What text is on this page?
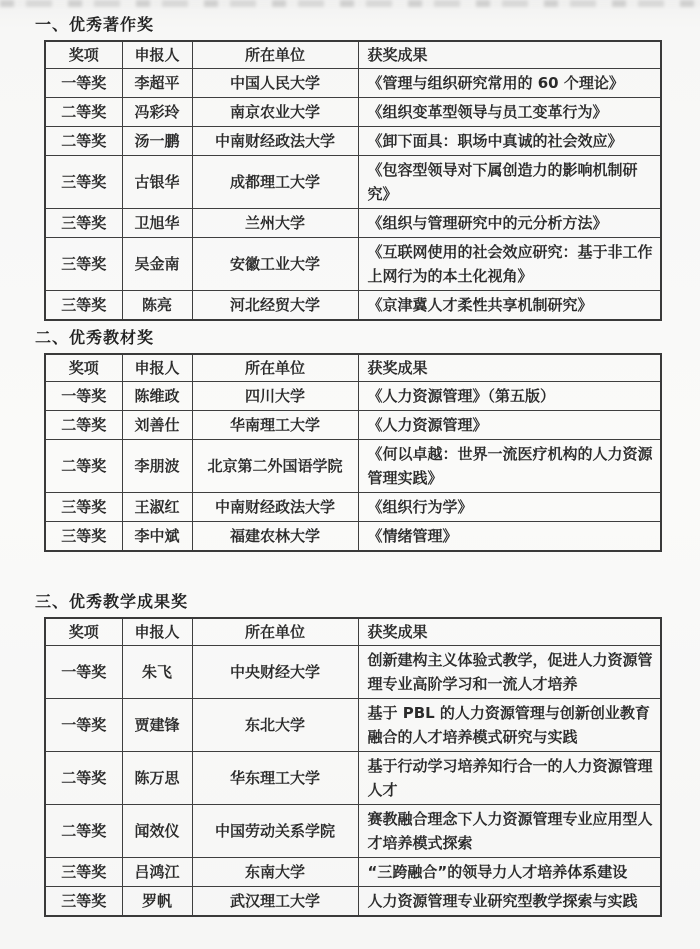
一、优秀著作奖
奖项	申报人	所在单位	获奖成果
一等奖	李超平	中国人民大学	《管理与组织研究常用的 60 个理论》
二等奖	冯彩玲	南京农业大学	《组织变革型领导与员工变革行为》
二等奖	汤一鹏	中南财经政法大学	《卸下面具：职场中真诚的社会效应》
三等奖	古银华	成都理工大学	《包容型领导对下属创造力的影响机制研究》
三等奖	卫旭华	兰州大学	《组织与管理研究中的元分析方法》
三等奖	吴金南	安徽工业大学	《互联网使用的社会效应研究：基于非工作上网行为的本土化视角》
三等奖	陈亮	河北经贸大学	《京津冀人才柔性共享机制研究》
二、优秀教材奖
奖项	申报人	所在单位	获奖成果
一等奖	陈维政	四川大学	《人力资源管理》（第五版）
二等奖	刘善仕	华南理工大学	《人力资源管理》
二等奖	李朋波	北京第二外国语学院	《何以卓越：世界一流医疗机构的人力资源管理实践》
三等奖	王淑红	中南财经政法大学	《组织行为学》
三等奖	李中斌	福建农林大学	《情绪管理》
三、优秀教学成果奖
奖项	申报人	所在单位	获奖成果
一等奖	朱飞	中央财经大学	创新建构主义体验式教学，促进人力资源管理专业高阶学习和一流人才培养
一等奖	贾建锋	东北大学	基于 PBL 的人力资源管理与创新创业教育融合的人才培养模式研究与实践
二等奖	陈万思	华东理工大学	基于行动学习培养知行合一的人力资源管理人才
二等奖	闻效仪	中国劳动关系学院	赛教融合理念下人力资源管理专业应用型人才培养模式探索
三等奖	吕鸿江	东南大学	“三跨融合”的领导力人才培养体系建设
三等奖	罗帆	武汉理工大学	人力资源管理专业研究型教学探索与实践
